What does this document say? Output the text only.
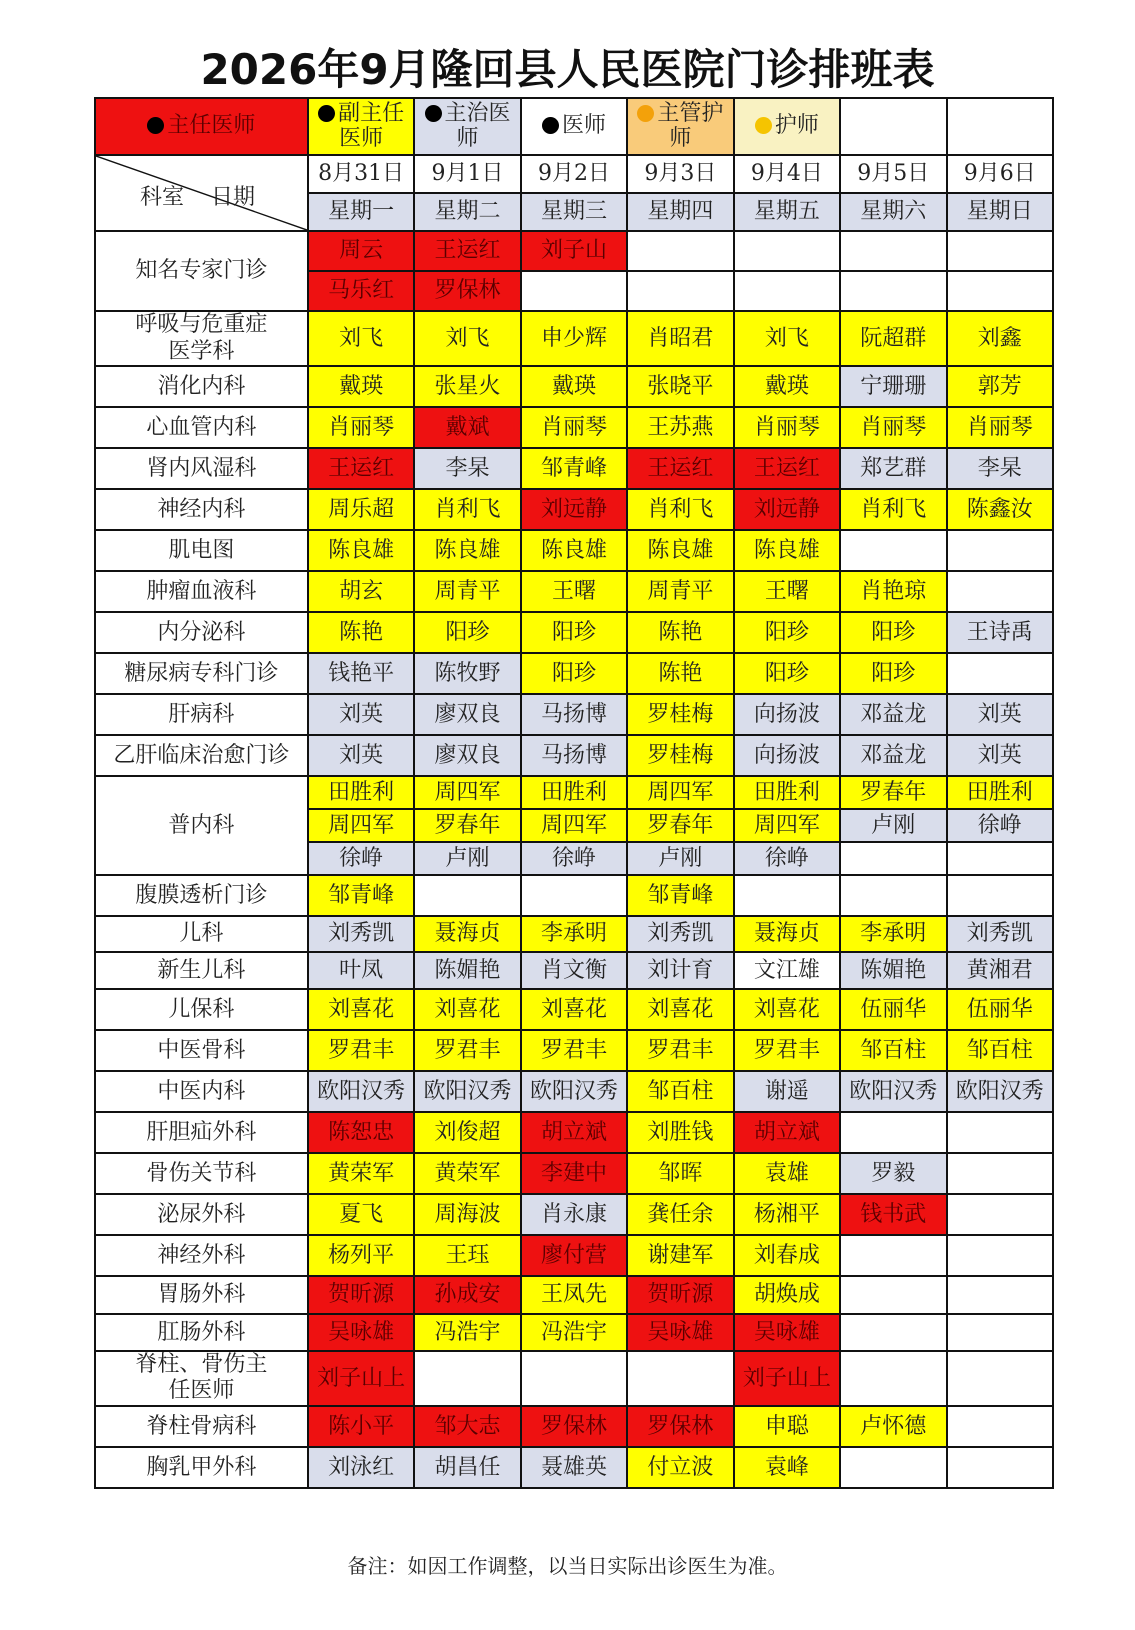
2026年9月隆回县人民医院门诊排班表
主任医师	副主任医师	主治医师	医师	主管护师	护师		

科室 日期	8月31日	9月1日	9月2日	9月3日	9月4日	9月5日	9月6日
	星期一	星期二	星期三	星期四	星期五	星期六	星期日
知名专家门诊	周云	王运红	刘子山				
	马乐红	罗保林					
呼吸与危重症医学科	刘飞	刘飞	申少辉	肖昭君	刘飞	阮超群	刘鑫
消化内科	戴瑛	张星火	戴瑛	张晓平	戴瑛	宁珊珊	郭芳
心血管内科	肖丽琴	戴斌	肖丽琴	王苏燕	肖丽琴	肖丽琴	肖丽琴
肾内风湿科	王运红	李杲	邹青峰	王运红	王运红	郑艺群	李杲
神经内科	周乐超	肖利飞	刘远静	肖利飞	刘远静	肖利飞	陈鑫汝
肌电图	陈良雄	陈良雄	陈良雄	陈良雄	陈良雄		
肿瘤血液科	胡玄	周青平	王曙	周青平	王曙	肖艳琼	
内分泌科	陈艳	阳珍	阳珍	陈艳	阳珍	阳珍	王诗禹
糖尿病专科门诊	钱艳平	陈牧野	阳珍	陈艳	阳珍	阳珍	
肝病科	刘英	廖双良	马扬博	罗桂梅	向扬波	邓益龙	刘英
乙肝临床治愈门诊	刘英	廖双良	马扬博	罗桂梅	向扬波	邓益龙	刘英
普内科	田胜利	周四军	田胜利	周四军	田胜利	罗春年	田胜利
	周四军	罗春年	周四军	罗春年	周四军	卢刚	徐峥
	徐峥	卢刚	徐峥	卢刚	徐峥		
腹膜透析门诊	邹青峰			邹青峰			
儿科	刘秀凯	聂海贞	李承明	刘秀凯	聂海贞	李承明	刘秀凯
新生儿科	叶凤	陈媚艳	肖文衡	刘计育	文江雄	陈媚艳	黄湘君
儿保科	刘喜花	刘喜花	刘喜花	刘喜花	刘喜花	伍丽华	伍丽华
中医骨科	罗君丰	罗君丰	罗君丰	罗君丰	罗君丰	邹百柱	邹百柱
中医内科	欧阳汉秀	欧阳汉秀	欧阳汉秀	邹百柱	谢遥	欧阳汉秀	欧阳汉秀
肝胆疝外科	陈恕忠	刘俊超	胡立斌	刘胜钱	胡立斌		
骨伤关节科	黄荣军	黄荣军	李建中	邹晖	袁雄	罗毅	
泌尿外科	夏飞	周海波	肖永康	龚任余	杨湘平	钱书武	
神经外科	杨列平	王珏	廖付营	谢建军	刘春成		
胃肠外科	贺昕源	孙成安	王凤先	贺昕源	胡焕成		
肛肠外科	吴咏雄	冯浩宇	冯浩宇	吴咏雄	吴咏雄		
脊柱、骨伤主任医师	刘子山上				刘子山上		
脊柱骨病科	陈小平	邹大志	罗保林	罗保林	申聪	卢怀德	
胸乳甲外科	刘泳红	胡昌任	聂雄英	付立波	袁峰		
备注：如因工作调整，以当日实际出诊医生为准。
